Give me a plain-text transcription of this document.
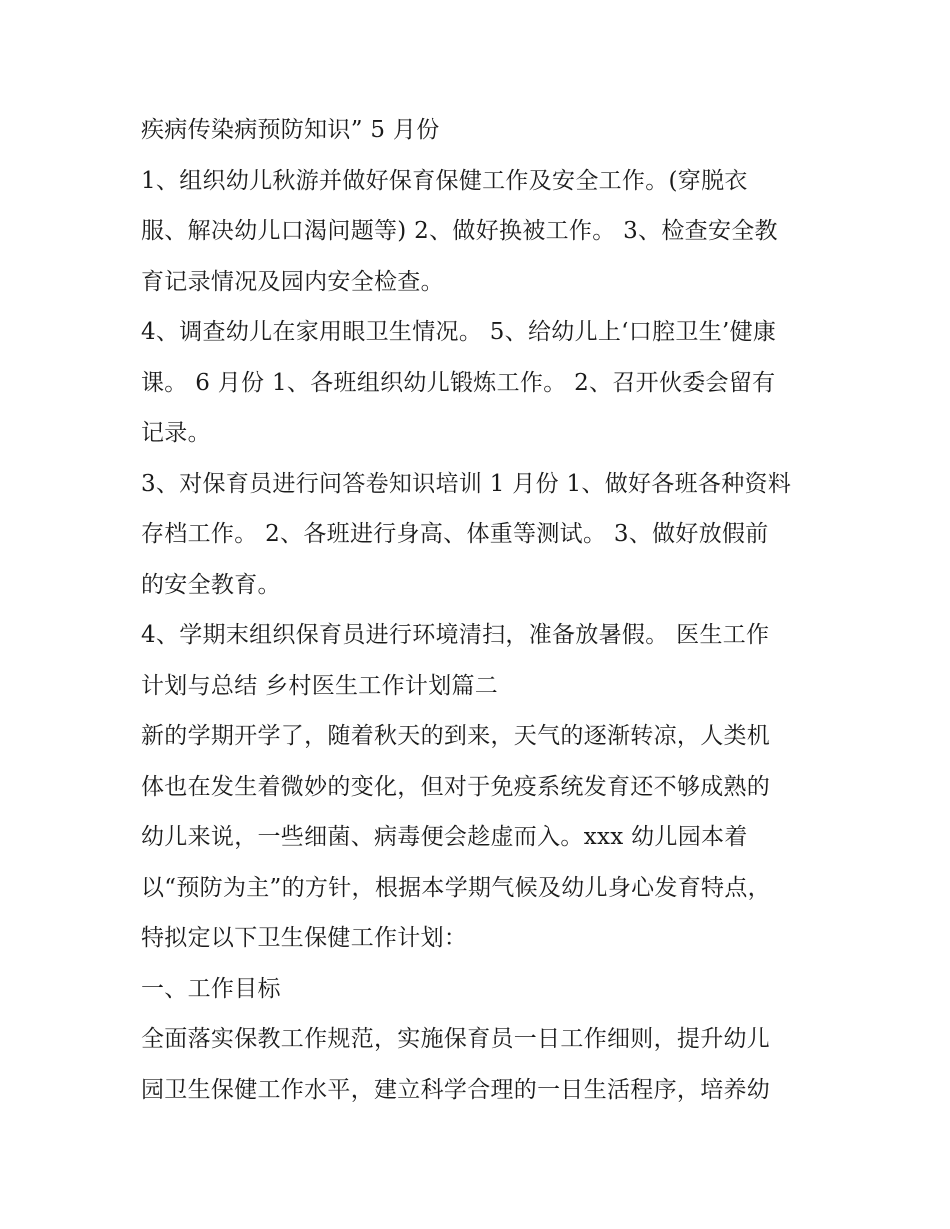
疾病传染病预防知识” 5 月份
1、组织幼儿秋游并做好保育保健工作及安全工作。(穿脱衣
服、解决幼儿口渴问题等) 2、做好换被工作。 3、检查安全教
育记录情况及园内安全检查。
4、调查幼儿在家用眼卫生情况。 5、给幼儿上‘口腔卫生’健康
课。 6 月份 1、各班组织幼儿锻炼工作。 2、召开伙委会留有
记录。
3、对保育员进行问答卷知识培训 1 月份 1、做好各班各种资料
存档工作。 2、各班进行身高、体重等测试。 3、做好放假前
的安全教育。
4、学期末组织保育员进行环境清扫，准备放暑假。 医生工作
计划与总结 乡村医生工作计划篇二
新的学期开学了，随着秋天的到来，天气的逐渐转凉，人类机
体也在发生着微妙的变化，但对于免疫系统发育还不够成熟的
幼儿来说，一些细菌、病毒便会趁虚而入。xxx 幼儿园本着
以“预防为主”的方针，根据本学期气候及幼儿身心发育特点，
特拟定以下卫生保健工作计划：
一、工作目标
全面落实保教工作规范，实施保育员一日工作细则，提升幼儿
园卫生保健工作水平，建立科学合理的一日生活程序，培养幼
